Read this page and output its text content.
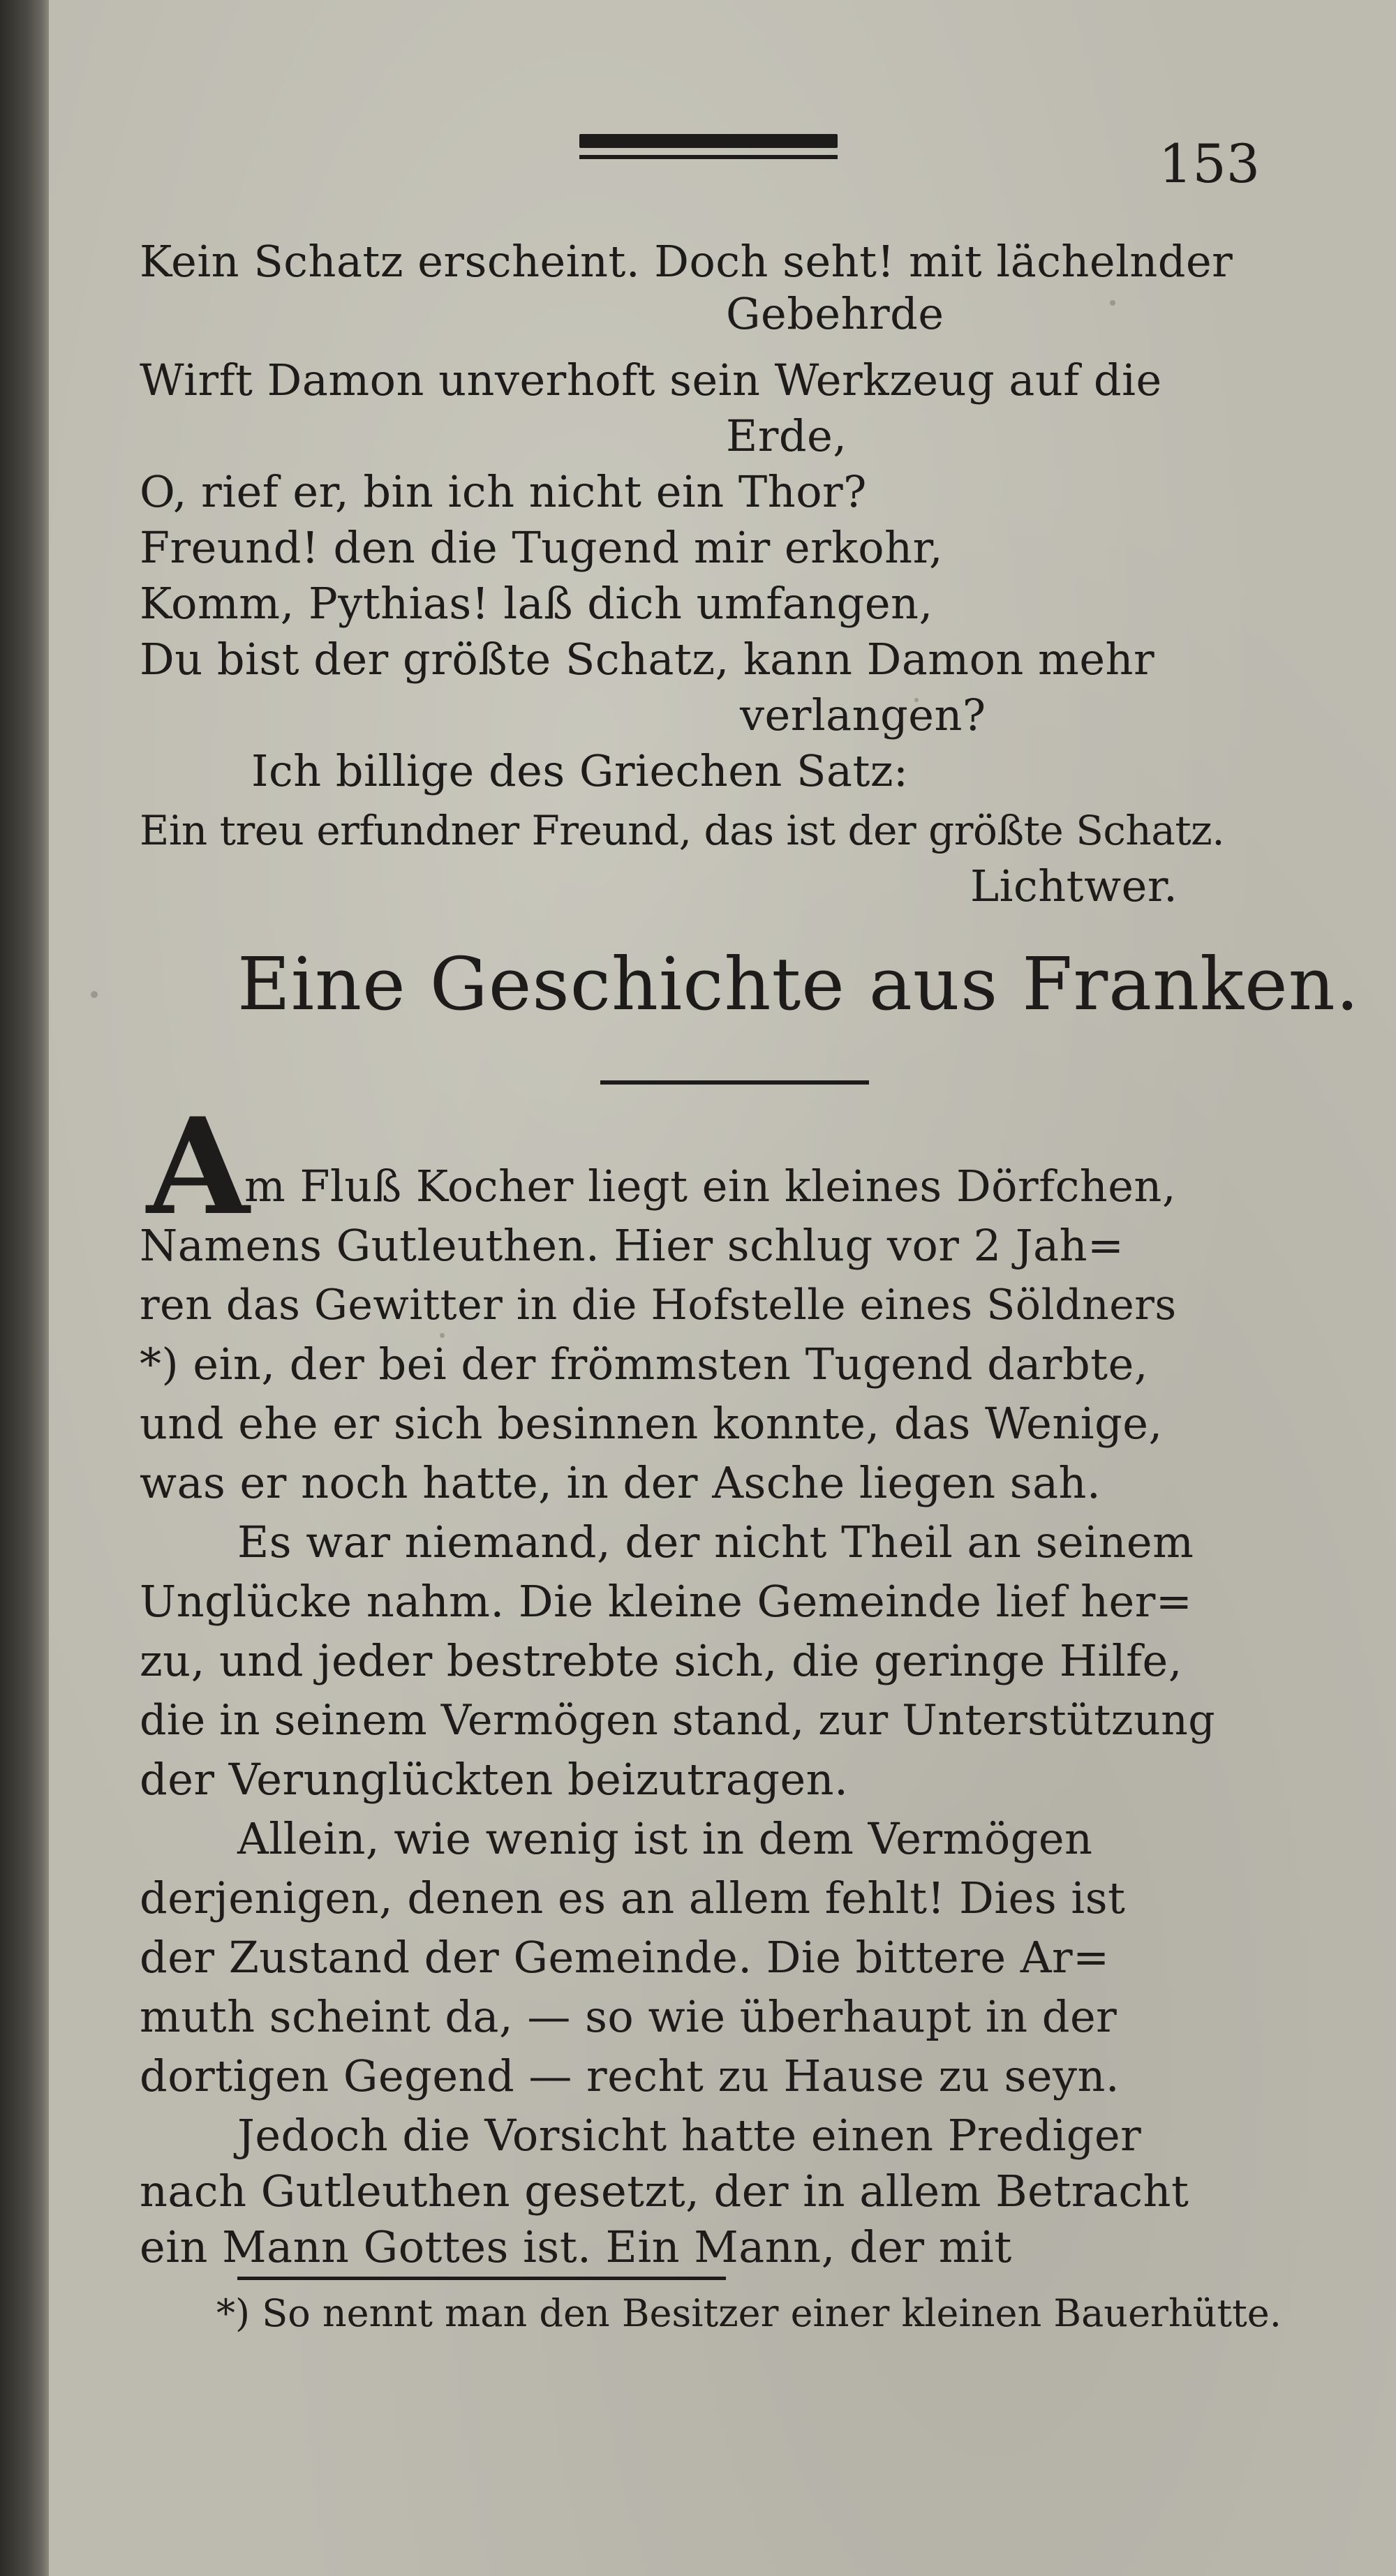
153
Kein Schatz erscheint. Doch seht! mit lächelnder
Gebehrde
Wirft Damon unverhoft sein Werkzeug auf die
Erde,
O, rief er, bin ich nicht ein Thor?
Freund! den die Tugend mir erkohr,
Komm, Pythias! laß dich umfangen,
Du bist der größte Schatz, kann Damon mehr
verlangen?
Ich billige des Griechen Satz:
Ein treu erfundner Freund, das ist der größte Schatz.
Lichtwer.
Eine Geschichte aus Franken.
A
m Fluß Kocher liegt ein kleines Dörfchen,
Namens Gutleuthen. Hier schlug vor 2 Jah=
ren das Gewitter in die Hofstelle eines Söldners
*) ein, der bei der frömmsten Tugend darbte,
und ehe er sich besinnen konnte, das Wenige,
was er noch hatte, in der Asche liegen sah.
Es war niemand, der nicht Theil an seinem
Unglücke nahm. Die kleine Gemeinde lief her=
zu, und jeder bestrebte sich, die geringe Hilfe,
die in seinem Vermögen stand, zur Unterstützung
der Verunglückten beizutragen.
Allein, wie wenig ist in dem Vermögen
derjenigen, denen es an allem fehlt! Dies ist
der Zustand der Gemeinde. Die bittere Ar=
muth scheint da, — so wie überhaupt in der
dortigen Gegend — recht zu Hause zu seyn.
Jedoch die Vorsicht hatte einen Prediger
nach Gutleuthen gesetzt, der in allem Betracht
ein Mann Gottes ist. Ein Mann, der mit
*) So nennt man den Besitzer einer kleinen Bauerhütte.
